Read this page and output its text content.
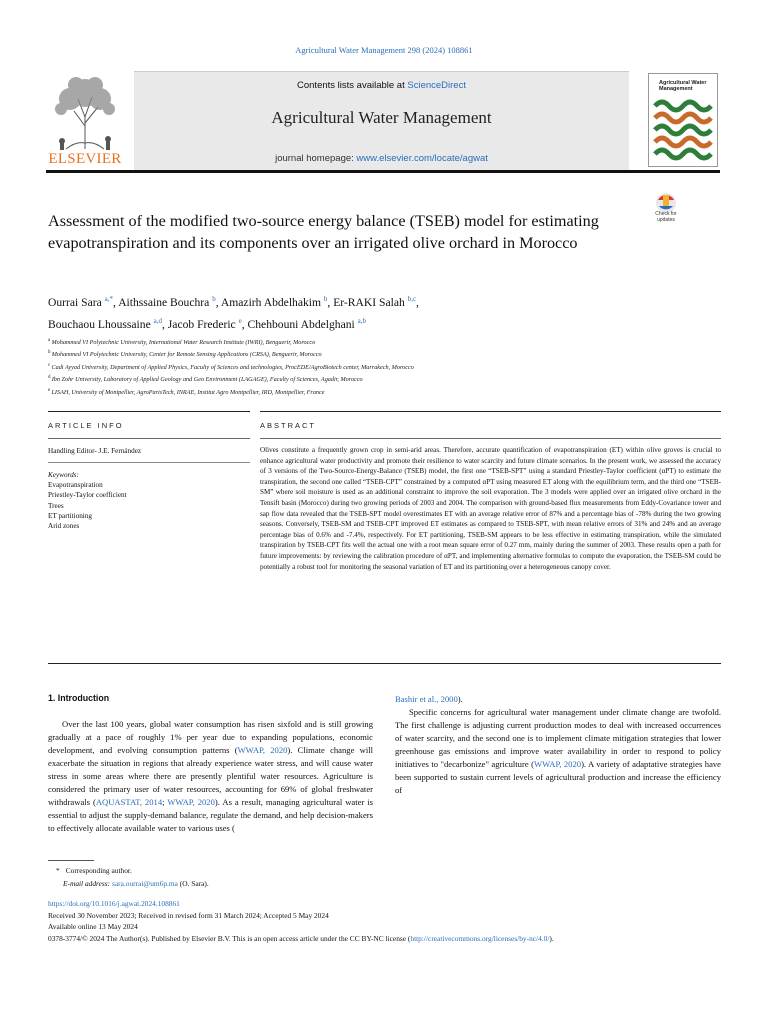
Agricultural Water Management 298 (2024) 108861
ELSEVIER
Contents lists available at ScienceDirect
Agricultural Water Management
journal homepage: www.elsevier.com/locate/agwat
Agricultural Water Management
Check for updates
Assessment of the modified two-source energy balance (TSEB) model for estimating evapotranspiration and its components over an irrigated olive orchard in Morocco
Ourrai Sara $^{a,*}$, Aithssaine Bouchra $^b$, Amazirh Abdelhakim $^b$, Er-RAKI Salah $^{b,c}$,
Bouchaou Lhoussaine $^{a,d}$, Jacob Frederic $^e$, Chehbouni Abdelghani $^{a,b}$
$^a$ Mohammed VI Polytechnic University, International Water Research Institute (IWRI), Benguerir, Morocco
$^b$ Mohammed VI Polytechnic University, Center for Remote Sensing Applications (CRSA), Benguerir, Morocco
$^c$ Cadi Ayyad University, Department of Applied Physics, Faculty of Sciences and technologies, ProcEDE/AgroBiotech center, Marrakech, Morocco
$^d$ Ibn Zohr University, Laboratory of Applied Geology and Geo Environment (LAGAGE), Faculty of Sciences, Agadir, Morocco
$^e$ LISAH, University of Montpellier, AgroParisTech, INRAE, Institut Agro Montpellier, IRD, Montpellier, France
ARTICLE INFO	ABSTRACT
Handling Editor- J.E. Fernández
Keywords:
Evapotranspiration
Priestley-Taylor coefficient
Trees
ET partitioning
Arid zones
Olives constitute a frequently grown crop in semi-arid areas. Therefore, accurate quantification of evapotranspiration (ET) within olive groves is crucial to enhance agricultural water productivity and promote their resilience to water scarcity and future climate scenarios. In the present work, we assessed the accuracy of 3 versions of the Two-Source-Energy-Balance (TSEB) model, the first one “TSEB-SPT” using a standard Priestley-Taylor coefficient (αPT) to estimate the transpiration, the second one called “TSEB-CPT” constrained by a computed αPT using measured ET along with the equilibrium term, and the third one “TSEB-SM” where soil moisture is used as an additional constraint to improve the soil evaporation. The 3 models were applied over an irrigated olive orchard in the Tensift basin (Morocco) during two growing periods of 2003 and 2004. The comparison with ground-based flux measurements from Eddy-Covariance tower and sap flow data revealed that the TSEB-SPT model overestimates ET with an average relative error of 87% and a percentage bias of -78% during the two growing seasons. Conversely, TSEB-SM and TSEB-CPT improved ET estimates as compared to TSEB-SPT, with mean relative errors of 31% and 24% and an average percentage bias of 0.6% and -7.4%, respectively. For ET partitioning, TSEB-SM appears to be less effective in estimating transpiration, while the simulated transpiration by TSEB-CPT fits well the actual one with a root mean square error of 0.27 mm, mainly during the summer of 2003. These results open a path for future improvements: by reviewing the calibration procedure of αPT, and implementing alternative formulas to compute the evaporation, the TSEB-SM could be potentially a robust tool for monitoring the seasonal variation of ET and its partitioning over a heterogeneous canopy cover.
1. Introduction

Over the last 100 years, global water consumption has risen sixfold and is still growing gradually at a pace of roughly 1% per year due to expanding populations, economic development, and evolving consumption patterns (WWAP, 2020). Climate change will exacerbate the situation in regions that already experience water stress, and will cause water stress in some areas where there are presently plentiful water resources. Agriculture is considered the primary user of water resources, accounting for 69% of global freshwater withdrawals (AQUASTAT, 2014; WWAP, 2020). As a result, managing agricultural water is essential to adjust the supply-demand balance, regulate the demand, and help decision-makers to effectively allocate available water to various uses (

Bashir et al., 2000).

Specific concerns for agricultural water management under climate change are twofold. The first challenge is adjusting current production modes to deal with increased occurrences of water scarcity, and the second one is to implement climate mitigation strategies that lower greenhouse gas emissions and improve water availability in order to respond to policy initiatives to "decarbonize" agriculture (WWAP, 2020). A variety of adaptative strategies have been supported to sustain current levels of agricultural production and increase the efficiency of

* Corresponding author.
E-mail address: sara.ourrai@um6p.ma (O. Sara).
https://doi.org/10.1016/j.agwat.2024.108861
Received 30 November 2023; Received in revised form 31 March 2024; Accepted 5 May 2024
Available online 13 May 2024
0378-3774/© 2024 The Author(s). Published by Elsevier B.V. This is an open access article under the CC BY-NC license (http://creativecommons.org/licenses/by-nc/4.0/).
